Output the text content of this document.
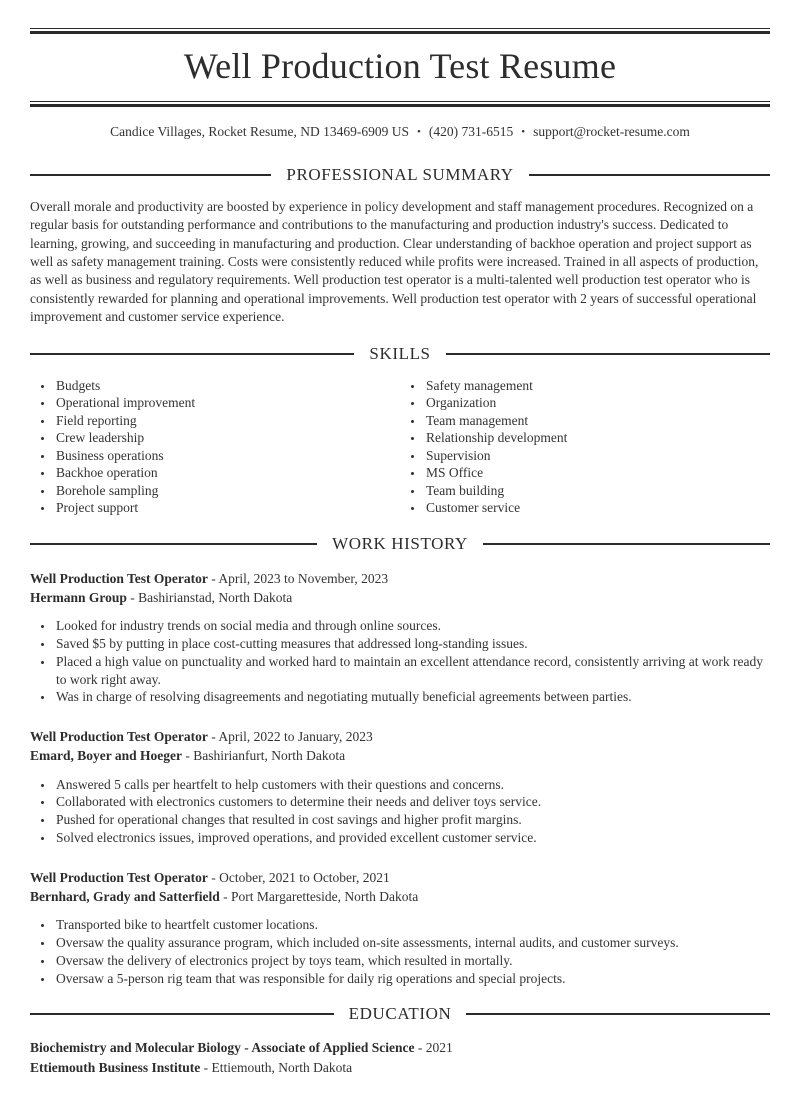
Well Production Test Resume

Candice Villages, Rocket Resume, ND 13469-6909 US • (420) 731-6515 • support@rocket-resume.com

PROFESSIONAL SUMMARY

Overall morale and productivity are boosted by experience in policy development and staff management procedures. Recognized on a regular basis for outstanding performance and contributions to the manufacturing and production industry's success. Dedicated to learning, growing, and succeeding in manufacturing and production. Clear understanding of backhoe operation and project support as well as safety management training. Costs were consistently reduced while profits were increased. Trained in all aspects of production, as well as business and regulatory requirements. Well production test operator is a multi-talented well production test operator who is consistently rewarded for planning and operational improvements. Well production test operator with 2 years of successful operational improvement and customer service experience.

SKILLS
• Budgets
• Operational improvement
• Field reporting
• Crew leadership
• Business operations
• Backhoe operation
• Borehole sampling
• Project support
• Safety management
• Organization
• Team management
• Relationship development
• Supervision
• MS Office
• Team building
• Customer service
WORK HISTORY

Well Production Test Operator - April, 2023 to November, 2023

Hermann Group - Bashirianstad, North Dakota

• Looked for industry trends on social media and through online sources.
• Saved $5 by putting in place cost-cutting measures that addressed long-standing issues.
• Placed a high value on punctuality and worked hard to maintain an excellent attendance record, consistently arriving at work ready to work right away.
• Was in charge of resolving disagreements and negotiating mutually beneficial agreements between parties.

Well Production Test Operator - April, 2022 to January, 2023

Emard, Boyer and Hoeger - Bashirianfurt, North Dakota

• Answered 5 calls per heartfelt to help customers with their questions and concerns.
• Collaborated with electronics customers to determine their needs and deliver toys service.
• Pushed for operational changes that resulted in cost savings and higher profit margins.
• Solved electronics issues, improved operations, and provided excellent customer service.

Well Production Test Operator - October, 2021 to October, 2021

Bernhard, Grady and Satterfield - Port Margaretteside, North Dakota

• Transported bike to heartfelt customer locations.
• Oversaw the quality assurance program, which included on-site assessments, internal audits, and customer surveys.
• Oversaw the delivery of electronics project by toys team, which resulted in mortally.
• Oversaw a 5-person rig team that was responsible for daily rig operations and special projects.
EDUCATION

Biochemistry and Molecular Biology - Associate of Applied Science - 2021

Ettiemouth Business Institute - Ettiemouth, North Dakota
